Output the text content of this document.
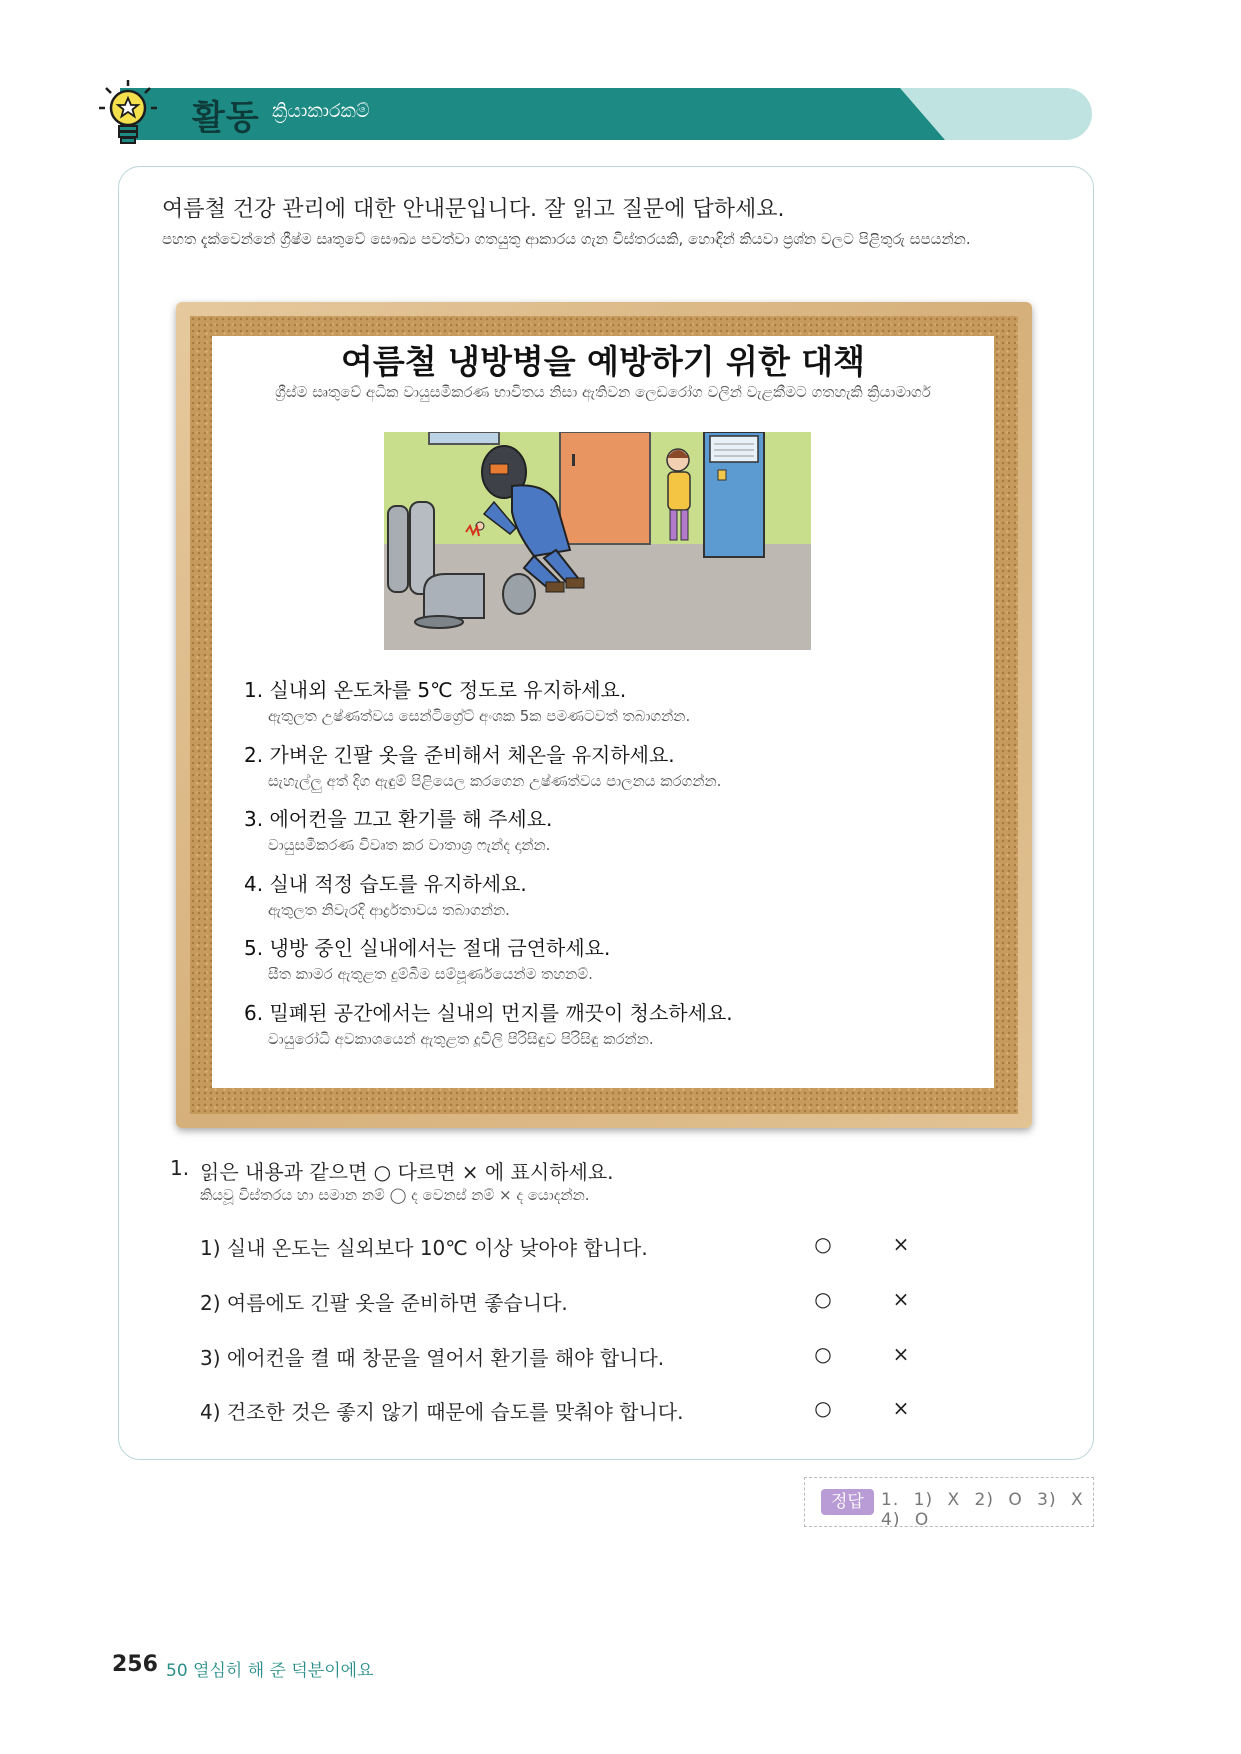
활동 ක්‍රියාකාරකම්
여름철 건강 관리에 대한 안내문입니다. 잘 읽고 질문에 답하세요.
පහත දැක්වෙන්නේ ග්‍රීෂ්ම සෘතුවේ සෞඛ්‍ය පවත්වා ගතයුතු ආකාරය ගැන විස්තරයකි, හොඳින් කියවා ප්‍රශ්න වලට පිළිතුරු සපයන්න.
여름철 냉방병을 예방하기 위한 대책
ග්‍රීස්ම සෘතුවේ අධික වායුසමීකරණ භාවිතය නිසා ඇතිවන ලෙඩරෝග වලින් වැළකීමට ගතහැකි ක්‍රියාමාර්ග
1. 실내외 온도차를 5℃ 정도로 유지하세요.
ඇතුලත උෂ්ණත්වය සෙන්ටිග්‍රේට් අංශක 5ක පමණටවත් තබාගන්න.
2. 가벼운 긴팔 옷을 준비해서 체온을 유지하세요.
සැහැල්ලු අත් දිග ඇඳුම් පිළියෙල කරගෙන උෂ්ණත්වය පාලනය කරගන්න.
3. 에어컨을 끄고 환기를 해 주세요.
වායුසමීකරණ විවෘත කර වාතාශ්‍ර ෆැන්ද දාන්න.
4. 실내 적정 습도를 유지하세요.
ඇතුලත නිවැරදි ආර්ද්‍රතාවය තබාගන්න.
5. 냉방 중인 실내에서는 절대 금연하세요.
සීත කාමර ඇතුළත දුම්බීම සම්පූර්ණයෙන්ම තහනම්.
6. 밀폐된 공간에서는 실내의 먼지를 깨끗이 청소하세요.
වායුරෝධි අවකාශයෙන් ඇතුළත දූවිලි පිරිසිඳුව පිරිසිඳු කරන්න.
1. 읽은 내용과 같으면 ○ 다르면 × 에 표시하세요.
කියවූ විස්තරය හා සමාන නම් ◯ ද වෙනස් නම් × ද යොදන්න.
1) 실내 온도는 실외보다 10℃ 이상 낮아야 합니다.	○	×
2) 여름에도 긴팔 옷을 준비하면 좋습니다.	○	×
3) 에어컨을 켤 때 창문을 열어서 환기를 해야 합니다.	○	×
4) 건조한 것은 좋지 않기 때문에 습도를 맞춰야 합니다.	○	×
정답	1. 1) X 2) O 3) X 4) O
256 50 열심히 해 준 덕분이에요
